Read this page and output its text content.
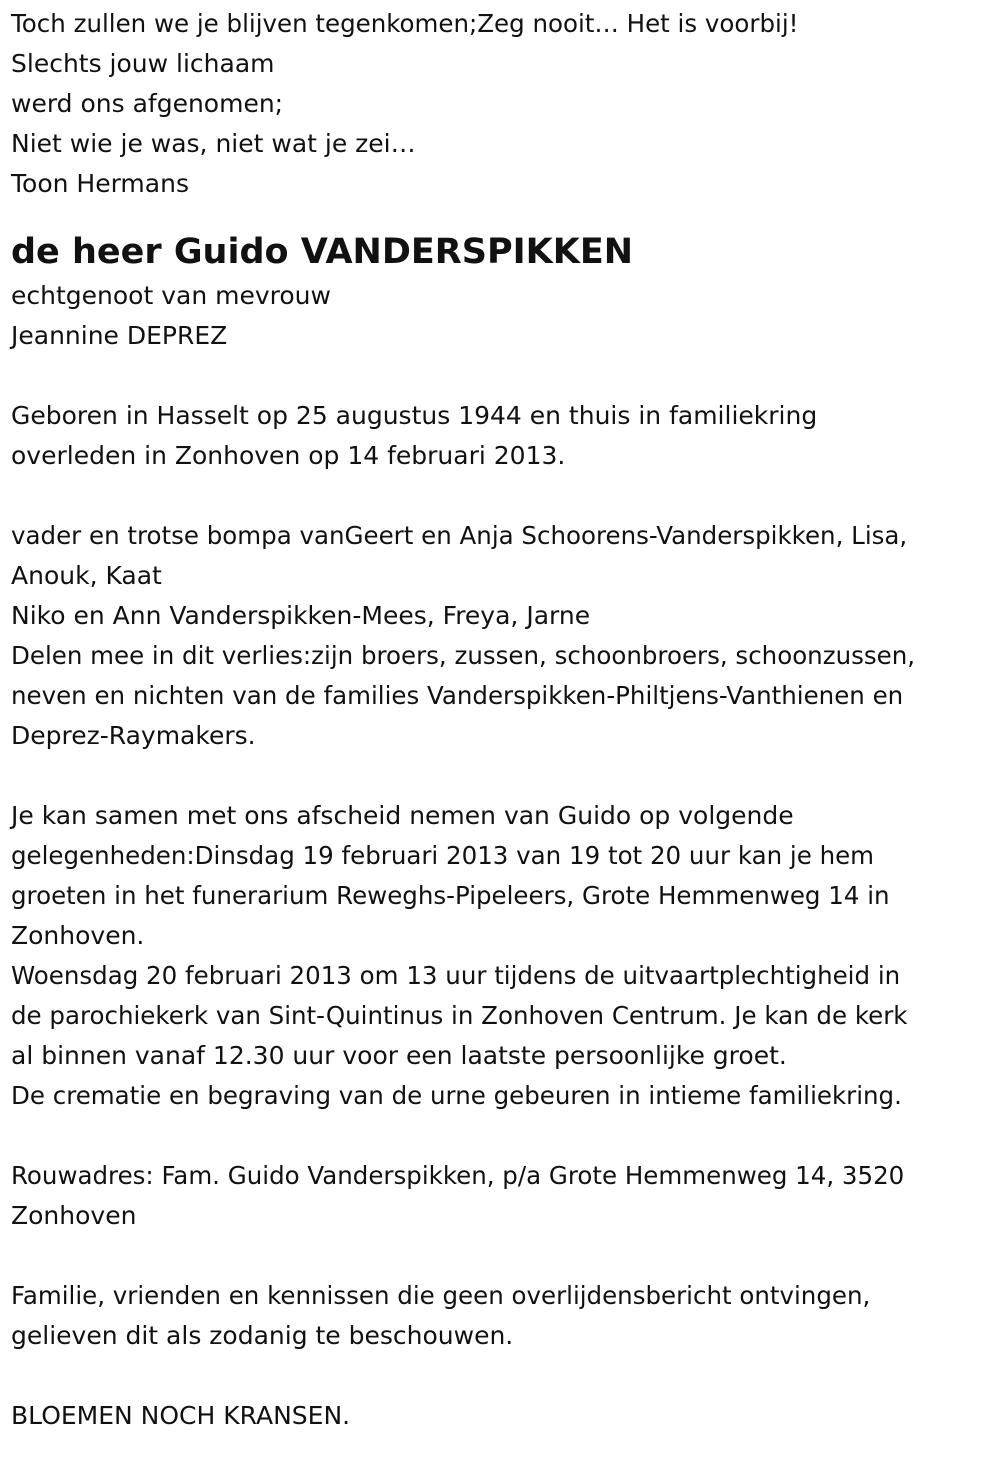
Toch zullen we je blijven tegenkomen;Zeg nooit… Het is voorbij!
Slechts jouw lichaam
werd ons afgenomen;
Niet wie je was, niet wat je zei…
Toon Hermans
de heer Guido VANDERSPIKKEN
echtgenoot van mevrouw
Jeannine DEPREZ
Geboren in Hasselt op 25 augustus 1944 en thuis in familiekring
overleden in Zonhoven op 14 februari 2013.
vader en trotse bompa vanGeert en Anja Schoorens-Vanderspikken, Lisa,
Anouk, Kaat
Niko en Ann Vanderspikken-Mees, Freya, Jarne
Delen mee in dit verlies:zijn broers, zussen, schoonbroers, schoonzussen,
neven en nichten van de families Vanderspikken-Philtjens-Vanthienen en
Deprez-Raymakers.
Je kan samen met ons afscheid nemen van Guido op volgende
gelegenheden:Dinsdag 19 februari 2013 van 19 tot 20 uur kan je hem
groeten in het funerarium Reweghs-Pipeleers, Grote Hemmenweg 14 in
Zonhoven.
Woensdag 20 februari 2013 om 13 uur tijdens de uitvaartplechtigheid in
de parochiekerk van Sint-Quintinus in Zonhoven Centrum. Je kan de kerk
al binnen vanaf 12.30 uur voor een laatste persoonlijke groet.
De crematie en begraving van de urne gebeuren in intieme familiekring.
Rouwadres: Fam. Guido Vanderspikken, p/a Grote Hemmenweg 14, 3520
Zonhoven
Familie, vrienden en kennissen die geen overlijdensbericht ontvingen,
gelieven dit als zodanig te beschouwen.
BLOEMEN NOCH KRANSEN.
